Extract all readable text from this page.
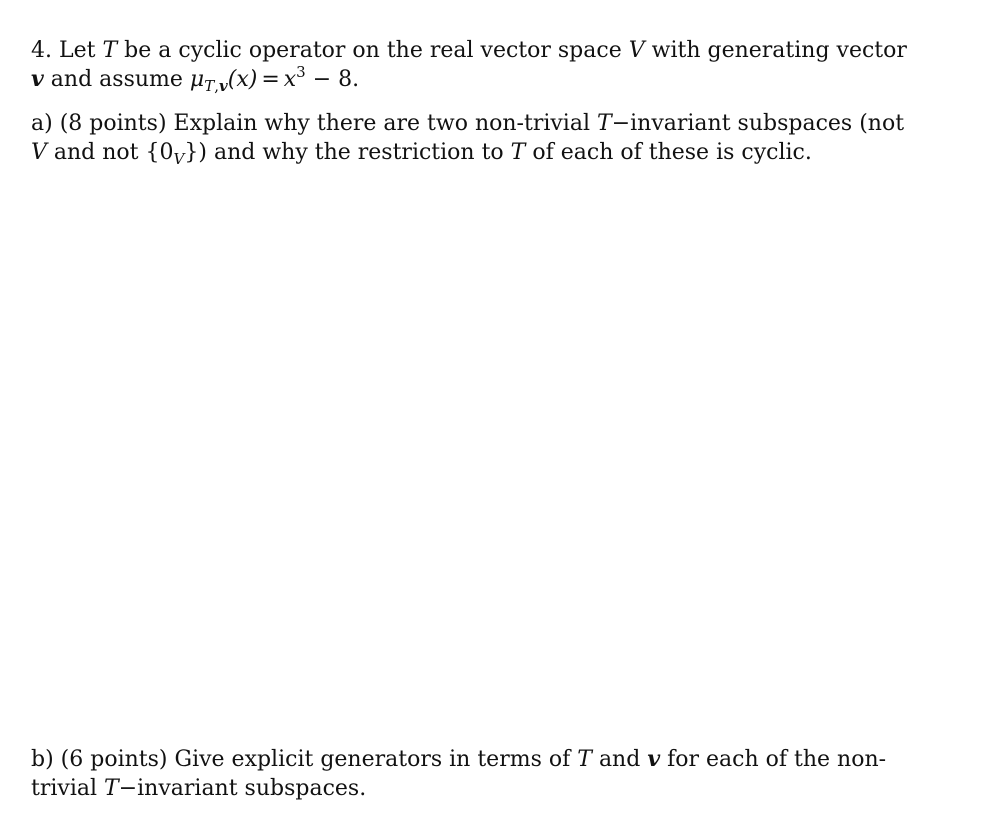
4. Let T be a cyclic operator on the real vector space V with generating vector
v and assume $\mu_{T,v}(x) = x^3 - 8$.
a) (8 points) Explain why there are two non-trivial T−invariant subspaces (not
V and not $\{0_V\}$) and why the restriction to T of each of these is cyclic.
b) (6 points) Give explicit generators in terms of T and v for each of the non-
trivial T−invariant subspaces.
